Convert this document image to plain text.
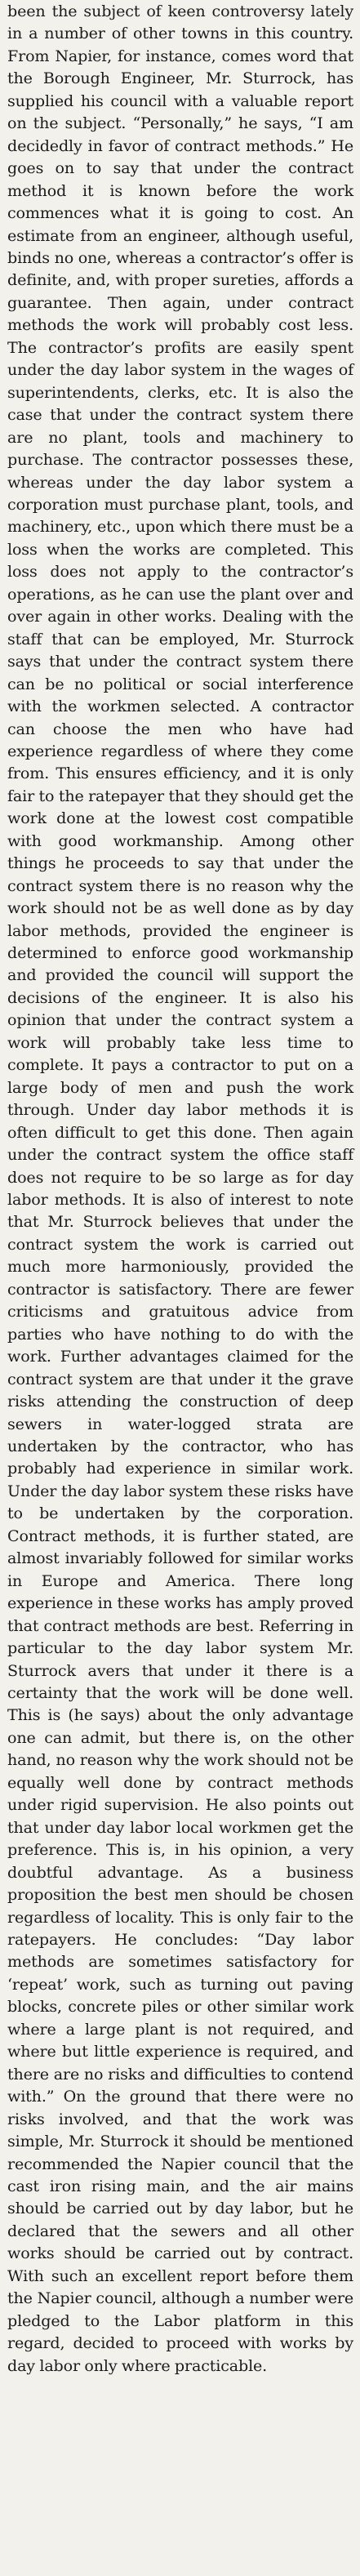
been the subject of keen controversy lately in a number of other towns in this country. From Napier, for instance, comes word that the Borough Engineer, Mr. Sturrock, has supplied his council with a valuable report on the subject. “Personally,” he says, “I am decidedly in favor of contract methods.” He goes on to say that under the contract method it is known before the work commences what it is going to cost. An estimate from an engineer, although useful, binds no one, whereas a contractor’s offer is definite, and, with proper sureties, affords a guarantee. Then again, under contract methods the work will probably cost less. The contractor’s profits are easily spent under the day labor system in the wages of superintendents, clerks, etc. It is also the case that under the contract system there are no plant, tools and machinery to purchase. The contractor possesses these, whereas under the day labor system a corporation must purchase plant, tools, and machinery, etc., upon which there must be a loss when the works are completed. This loss does not apply to the contractor’s operations, as he can use the plant over and over again in other works. Dealing with the staff that can be employed, Mr. Sturrock says that under the contract system there can be no political or social interference with the workmen selected. A contractor can choose the men who have had experience regardless of where they come from. This ensures efficiency, and it is only fair to the ratepayer that they should get the work done at the lowest cost compatible with good workmanship. Among other things he proceeds to say that under the contract system there is no reason why the work should not be as well done as by day labor methods, provided the engineer is determined to enforce good workmanship and provided the council will support the decisions of the engineer. It is also his opinion that under the contract system a work will probably take less time to complete. It pays a contractor to put on a large body of men and push the work through. Under day labor methods it is often difficult to get this done. Then again under the contract system the office staff does not require to be so large as for day labor methods. It is also of interest to note that Mr. Sturrock believes that under the contract system the work is carried out much more harmoniously, provided the contractor is satisfactory. There are fewer criticisms and gratuitous advice from parties who have nothing to do with the work. Further advantages claimed for the contract system are that under it the grave risks attending the construction of deep sewers in water-logged strata are undertaken by the contractor, who has probably had experience in similar work. Under the day labor system these risks have to be undertaken by the corporation. Contract methods, it is further stated, are almost invariably followed for similar works in Europe and America. There long experience in these works has amply proved that contract methods are best. Referring in particular to the day labor system Mr. Sturrock avers that under it there is a certainty that the work will be done well. This is (he says) about the only advantage one can admit, but there is, on the other hand, no reason why the work should not be equally well done by contract methods under rigid supervision. He also points out that under day labor local workmen get the preference. This is, in his opinion, a very doubtful advantage. As a business proposition the best men should be chosen regardless of locality. This is only fair to the ratepayers. He concludes: “Day labor methods are sometimes satisfactory for ‘repeat’ work, such as turning out paving blocks, concrete piles or other similar work where a large plant is not required, and where but little experience is required, and there are no risks and difficulties to contend with.” On the ground that there were no risks involved, and that the work was simple, Mr. Sturrock it should be mentioned recommended the Napier council that the cast iron rising main, and the air mains should be carried out by day labor, but he declared that the sewers and all other works should be carried out by contract. With such an excellent report before them the Napier council, although a number were pledged to the Labor platform in this regard, decided to proceed with works by day labor only where practicable.
